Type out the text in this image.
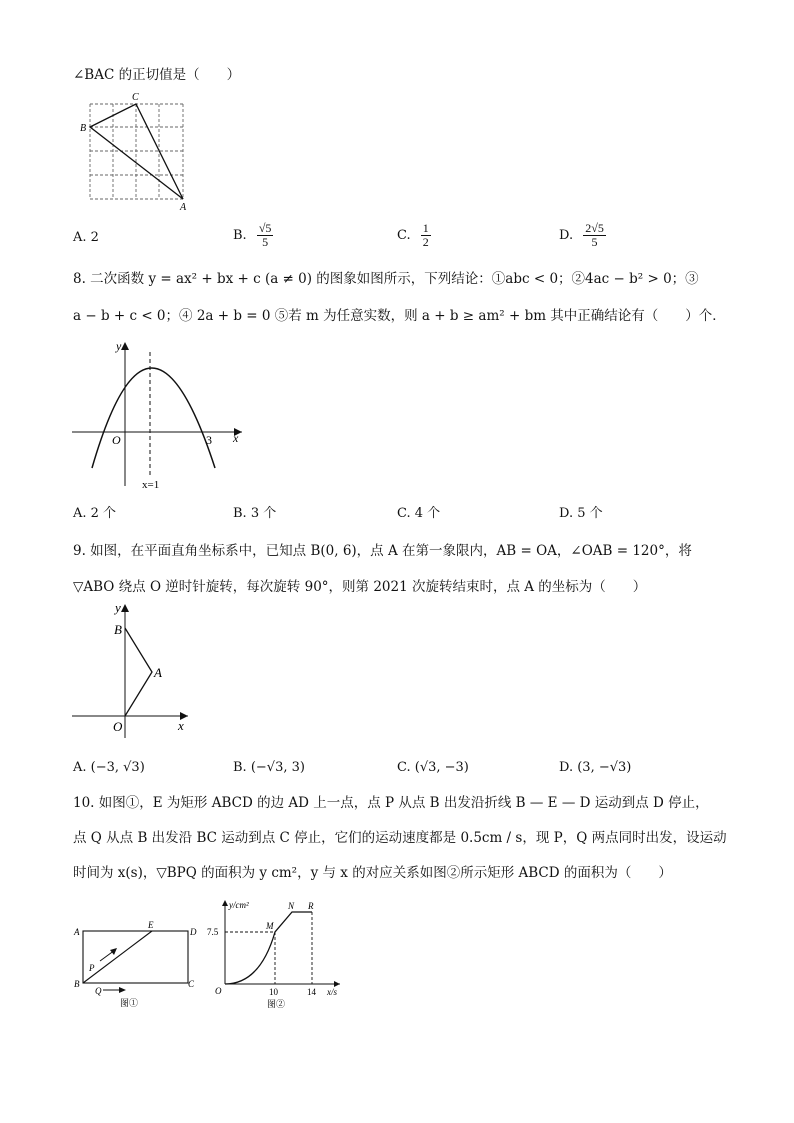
∠BAC 的正切值是（　　）
B
C
A
A. 2	B. $\frac{√5}{5}$	C. $\frac{1}{2}$	D. $\frac{2√5}{5}$
8. 二次函数 y = ax² + bx + c (a ≠ 0) 的图象如图所示，下列结论：①abc < 0；②4ac − b² > 0；③
a − b + c < 0；④ 2a + b = 0 ⑤若 m 为任意实数，则 a + b ≥ am² + bm 其中正确结论有（　　）个．
y
x
O	3
x=1
A. 2 个	B. 3 个	C. 4 个	D. 5 个
9. 如图，在平面直角坐标系中，已知点 B(0, 6)，点 A 在第一象限内，AB = OA，∠OAB = 120°，将
▽ABO 绕点 O 逆时针旋转，每次旋转 90°，则第 2021 次旋转结束时，点 A 的坐标为（　　）
y
x
O
B
A
A. (−3, √3)	B. (−√3, 3)	C. (√3, −3)	D. (3, −√3)
10. 如图①，E 为矩形 ABCD 的边 AD 上一点，点 P 从点 B 出发沿折线 B — E — D 运动到点 D 停止，
点 Q 从点 B 出发沿 BC 运动到点 C 停止，它们的运动速度都是 0.5cm / s，现 P，Q 两点同时出发，设运动
时间为 x(s)，▽BPQ 的面积为 y cm²，y 与 x 的对应关系如图②所示矩形 ABCD 的面积为（　　）
A
E
D
P
B
Q
C
图①
y/cm²	N R
M
7.5
O	10	14 x/s
图②
